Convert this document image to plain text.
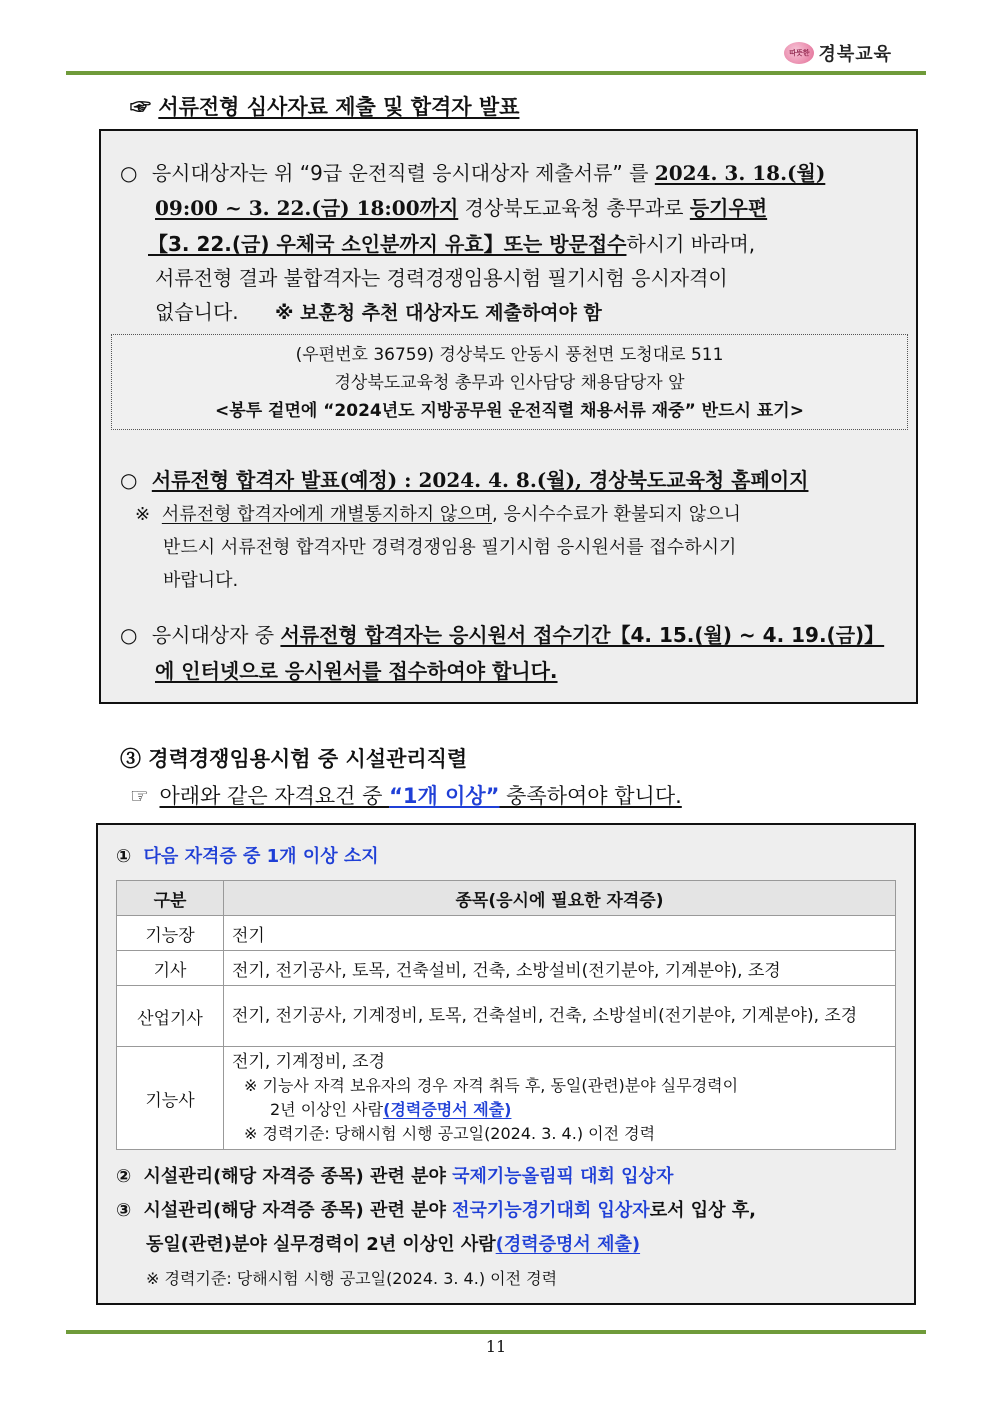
따뜻한 경북교육
☞ 서류전형 심사자료 제출 및 합격자 발표
○ 응시대상자는 위 “9급 운전직렬 응시대상자 제출서류” 를 2024. 3. 18.(월)
09:00 ~ 3. 22.(금) 18:00까지 경상북도교육청 총무과로 등기우편
【3. 22.(금) 우체국 소인분까지 유효】또는 방문접수하시기 바라며,
서류전형 결과 불합격자는 경력경쟁임용시험 필기시험 응시자격이
없습니다. ※ 보훈청 추천 대상자도 제출하여야 함
(우편번호 36759) 경상북도 안동시 풍천면 도청대로 511
경상북도교육청 총무과 인사담당 채용담당자 앞
<봉투 겉면에 “2024년도 지방공무원 운전직렬 채용서류 재중” 반드시 표기>
○ 서류전형 합격자 발표(예정) : 2024. 4. 8.(월), 경상북도교육청 홈페이지
※ 서류전형 합격자에게 개별통지하지 않으며, 응시수수료가 환불되지 않으니
반드시 서류전형 합격자만 경력경쟁임용 필기시험 응시원서를 접수하시기
바랍니다.
○ 응시대상자 중 서류전형 합격자는 응시원서 접수기간【4. 15.(월) ~ 4. 19.(금)】
에 인터넷으로 응시원서를 접수하여야 합니다.
③ 경력경쟁임용시험 중 시설관리직렬
☞ 아래와 같은 자격요건 중 “1개 이상” 충족하여야 합니다.
① 다음 자격증 중 1개 이상 소지
구분	종목(응시에 필요한 자격증)
기능장	전기
기사	전기, 전기공사, 토목, 건축설비, 건축, 소방설비(전기분야, 기계분야), 조경
산업기사	전기, 전기공사, 기계정비, 토목, 건축설비, 건축, 소방설비(전기분야, 기계분야), 조경
기능사	전기, 기계정비, 조경
※ 기능사 자격 보유자의 경우 자격 취득 후, 동일(관련)분야 실무경력이
2년 이상인 사람(경력증명서 제출)
※ 경력기준: 당해시험 시행 공고일(2024. 3. 4.) 이전 경력
② 시설관리(해당 자격증 종목) 관련 분야 국제기능올림픽 대회 입상자
③ 시설관리(해당 자격증 종목) 관련 분야 전국기능경기대회 입상자로서 입상 후,
동일(관련)분야 실무경력이 2년 이상인 사람(경력증명서 제출)
※ 경력기준: 당해시험 시행 공고일(2024. 3. 4.) 이전 경력
11
